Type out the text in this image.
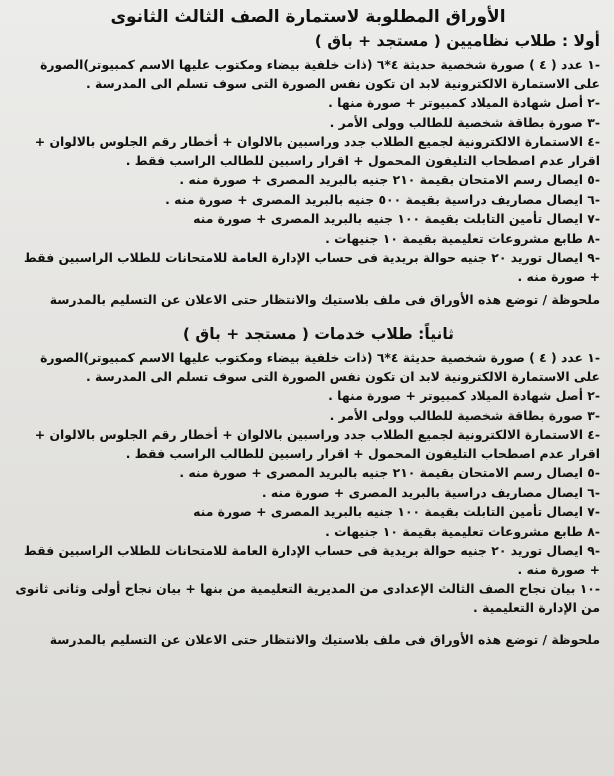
الأوراق المطلوبة لاستمارة الصف الثالث الثانوى
أولا : طلاب نظاميين ( مستجد + باق )
-١ عدد ( ٤ ) صورة شخصية حديثة ٤*٦ (ذات خلفية بيضاء ومكتوب عليها الاسم كمبيوتر)الصورة على الاستمارة الالكترونية لابد ان تكون نفس الصورة التى سوف تسلم الى المدرسة .
-٢ أصل شهادة الميلاد كمبيوتر + صورة منها .
-٣ صورة بطاقة شخصية للطالب وولى الأمر .
-٤ الاستمارة الالكترونية لجميع الطلاب جدد وراسبين بالالوان + أخطار رقم الجلوس بالالوان + اقرار عدم اصطحاب التليفون المحمول + اقرار راسبين للطالب الراسب فقط .
-٥ ايصال رسم الامتحان بقيمة ٢١٠ جنيه بالبريد المصرى + صورة منه .
-٦ ايصال مصاريف دراسية بقيمة ٥٠٠ جنيه بالبريد المصرى + صورة منه .
-٧ ايصال تأمين التابلت بقيمة ١٠٠ جنيه بالبريد المصرى + صورة منه
-٨ طابع مشروعات تعليمية بقيمة ١٠ جنيهات .
-٩ ايصال توريد ٢٠ جنيه حوالة بريدية فى حساب الإدارة العامة للامتحانات للطلاب الراسبين فقط + صورة منه .
ملحوظة / توضع هذه الأوراق فى ملف بلاستيك والانتظار حتى الاعلان عن التسليم بالمدرسة
ثانياً: طلاب خدمات ( مستجد + باق )
-١ عدد ( ٤ ) صورة شخصية حديثة ٤*٦ (ذات خلفية بيضاء ومكتوب عليها الاسم كمبيوتر)الصورة على الاستمارة الالكترونية لابد ان تكون نفس الصورة التى سوف تسلم الى المدرسة .
-٢ أصل شهادة الميلاد كمبيوتر + صورة منها .
-٣ صورة بطاقة شخصية للطالب وولى الأمر .
-٤ الاستمارة الالكترونية لجميع الطلاب جدد وراسبين بالالوان + أخطار رقم الجلوس بالالوان + اقرار عدم اصطحاب التليفون المحمول + اقرار راسبين للطالب الراسب فقط .
-٥ ايصال رسم الامتحان بقيمة ٢١٠ جنيه بالبريد المصرى + صورة منه .
-٦ ايصال مصاريف دراسية بالبريد المصرى + صورة منه .
-٧ ايصال تأمين التابلت بقيمة ١٠٠ جنيه بالبريد المصرى + صورة منه
-٨ طابع مشروعات تعليمية بقيمة ١٠ جنيهات .
-٩ ايصال توريد ٢٠ جنيه حوالة بريدية فى حساب الإدارة العامة للامتحانات للطلاب الراسبين فقط + صورة منه .
-١٠ بيان نجاح الصف الثالث الإعدادى من المديرية التعليمية من بنها + بيان نجاح أولى وثانى ثانوى من الإدارة التعليمية .
ملحوظة / توضع هذه الأوراق فى ملف بلاستيك والانتظار حتى الاعلان عن التسليم بالمدرسة
